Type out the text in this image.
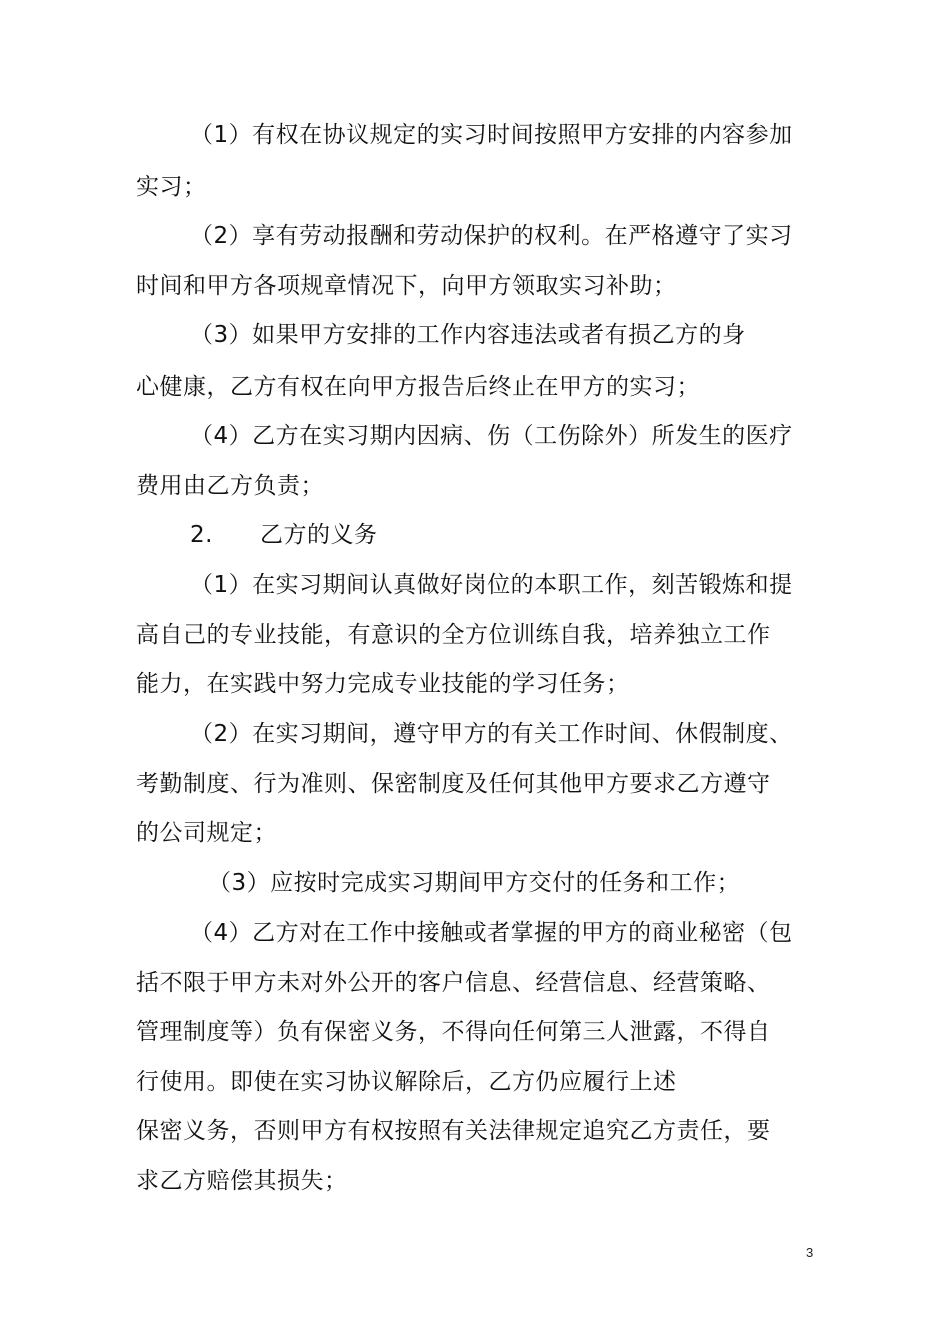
（1）有权在协议规定的实习时间按照甲方安排的内容参加
实习；
（2）享有劳动报酬和劳动保护的权利。在严格遵守了实习
时间和甲方各项规章情况下，向甲方领取实习补助；
（3）如果甲方安排的工作内容违法或者有损乙方的身
心健康，乙方有权在向甲方报告后终止在甲方的实习；
（4）乙方在实习期内因病、伤（工伤除外）所发生的医疗
费用由乙方负责；
2.　　乙方的义务
（1）在实习期间认真做好岗位的本职工作，刻苦锻炼和提
高自己的专业技能，有意识的全方位训练自我，培养独立工作
能力，在实践中努力完成专业技能的学习任务；
（2）在实习期间，遵守甲方的有关工作时间、休假制度、
考勤制度、行为准则、保密制度及任何其他甲方要求乙方遵守
的公司规定；
（3）应按时完成实习期间甲方交付的任务和工作；
（4）乙方对在工作中接触或者掌握的甲方的商业秘密（包
括不限于甲方未对外公开的客户信息、经营信息、经营策略、
管理制度等）负有保密义务，不得向任何第三人泄露，不得自
行使用。即使在实习协议解除后，乙方仍应履行上述
保密义务，否则甲方有权按照有关法律规定追究乙方责任，要
求乙方赔偿其损失；
3
